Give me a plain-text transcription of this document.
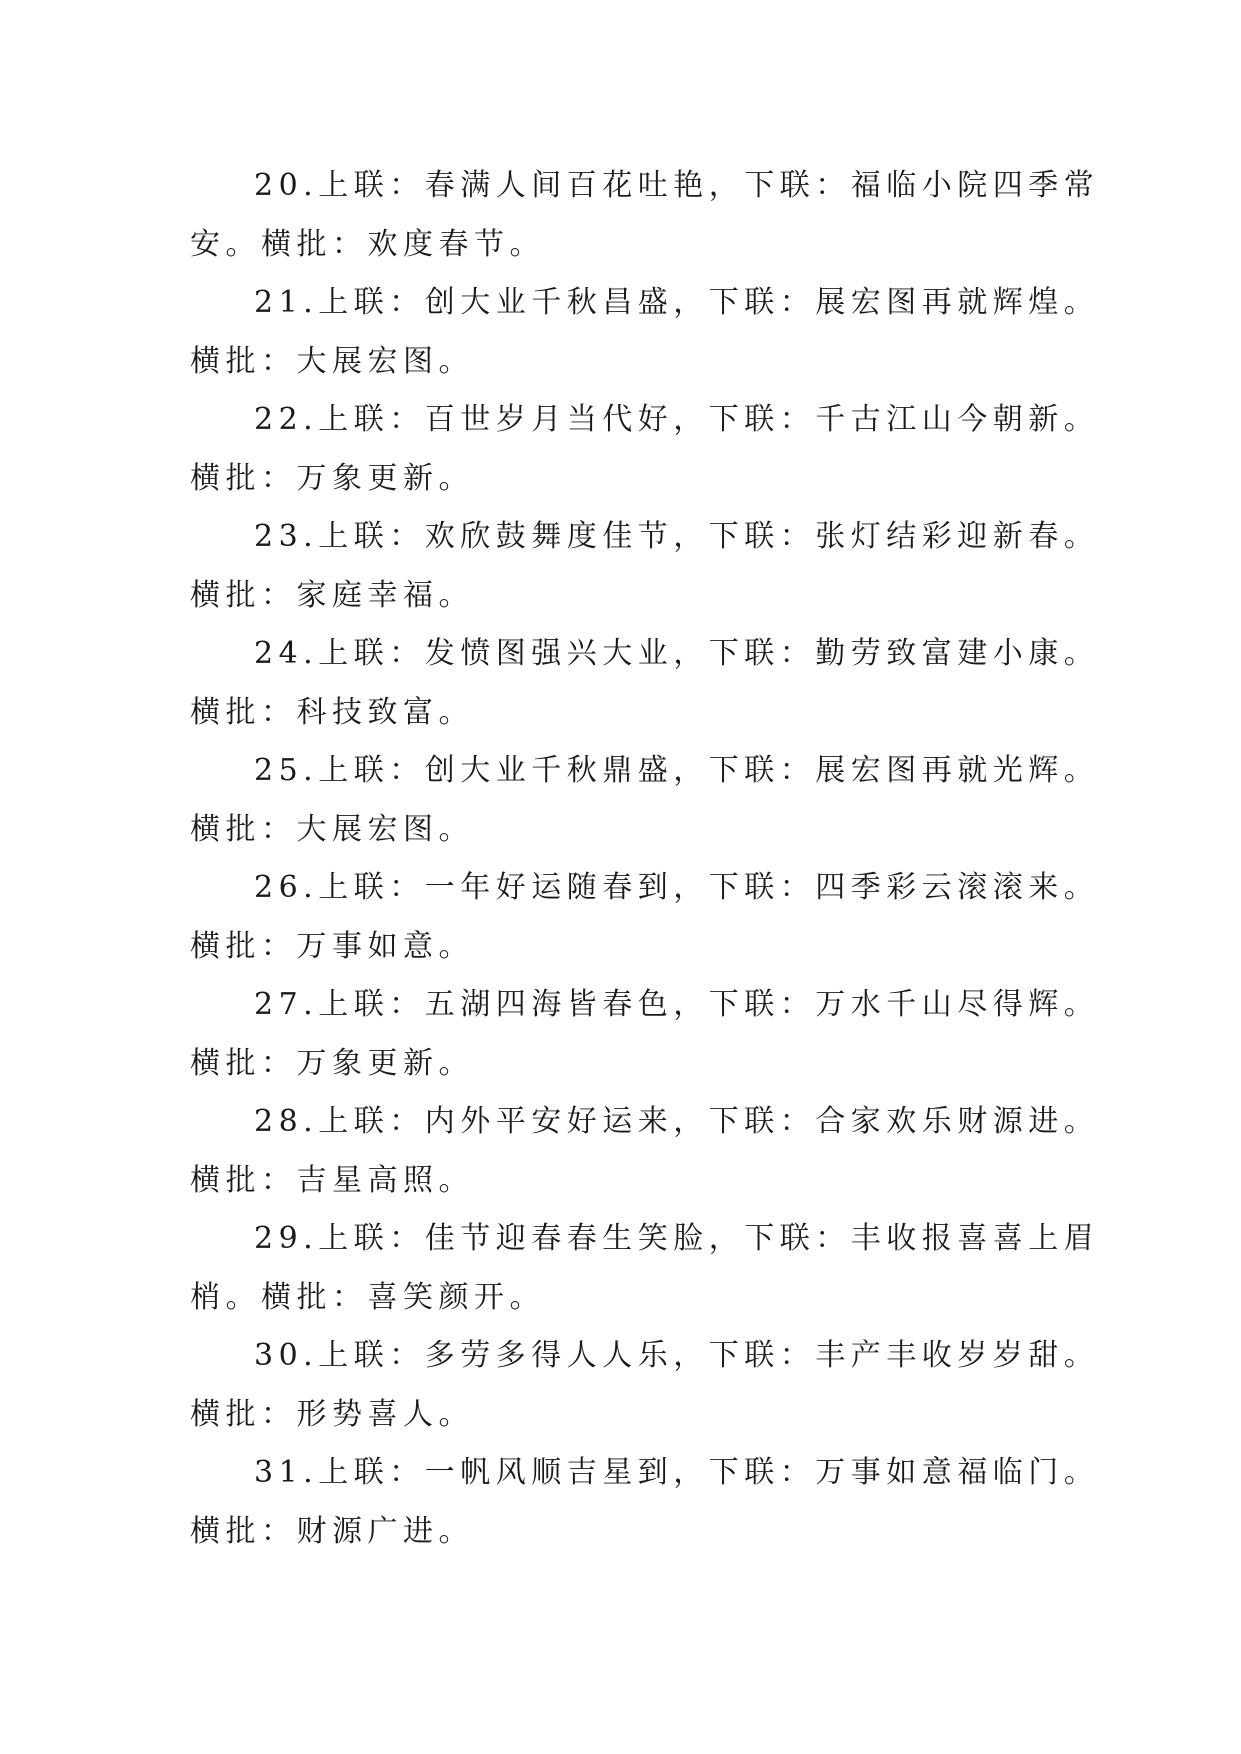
20.上联：春满人间百花吐艳，下联：福临小院四季常
安。横批：欢度春节。
21.上联：创大业千秋昌盛，下联：展宏图再就辉煌。
横批：大展宏图。
22.上联：百世岁月当代好，下联：千古江山今朝新。
横批：万象更新。
23.上联：欢欣鼓舞度佳节，下联：张灯结彩迎新春。
横批：家庭幸福。
24.上联：发愤图强兴大业，下联：勤劳致富建小康。
横批：科技致富。
25.上联：创大业千秋鼎盛，下联：展宏图再就光辉。
横批：大展宏图。
26.上联：一年好运随春到，下联：四季彩云滚滚来。
横批：万事如意。
27.上联：五湖四海皆春色，下联：万水千山尽得辉。
横批：万象更新。
28.上联：内外平安好运来，下联：合家欢乐财源进。
横批：吉星高照。
29.上联：佳节迎春春生笑脸，下联：丰收报喜喜上眉
梢。横批：喜笑颜开。
30.上联：多劳多得人人乐，下联：丰产丰收岁岁甜。
横批：形势喜人。
31.上联：一帆风顺吉星到，下联：万事如意福临门。
横批：财源广进。
